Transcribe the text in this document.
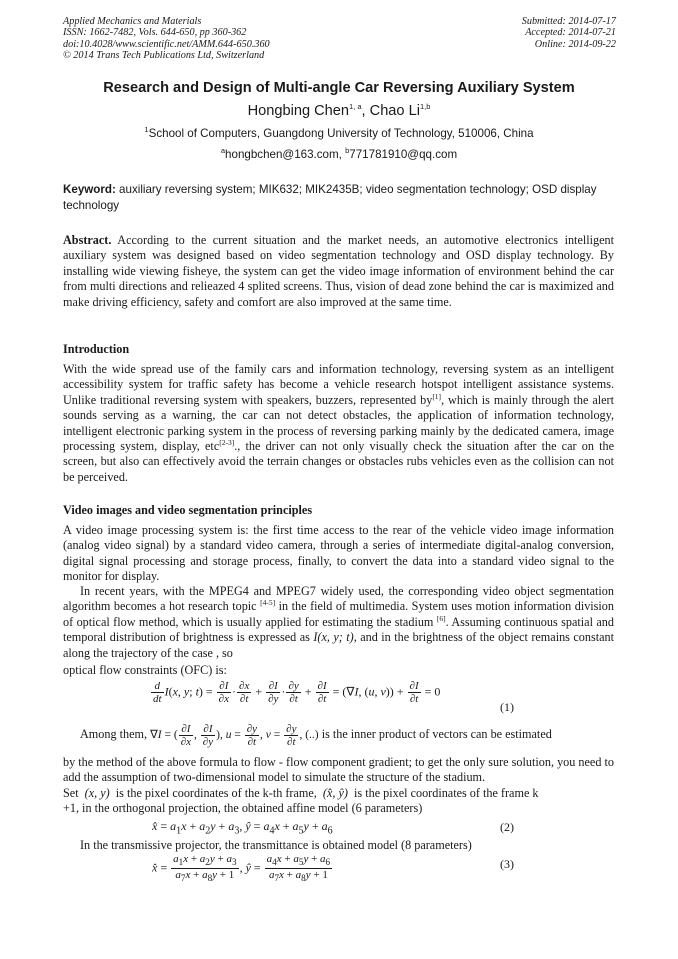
Applied Mechanics and Materials
ISSN: 1662-7482, Vols. 644-650, pp 360-362
doi:10.4028/www.scientific.net/AMM.644-650.360
© 2014 Trans Tech Publications Ltd, Switzerland
Submitted: 2014-07-17
Accepted: 2014-07-21
Online: 2014-09-22
Research and Design of Multi-angle Car Reversing Auxiliary System
Hongbing Chen$^{1, a}$, Chao Li$^{1,b}$
$^1$School of Computers, Guangdong University of Technology, 510006, China
$^a$hongbchen@163.com, $^b$771781910@qq.com
Keyword: auxiliary reversing system; MIK632; MIK2435B; video segmentation technology; OSD display technology
Abstract. According to the current situation and the market needs, an automotive electronics intelligent auxiliary system was designed based on video segmentation technology and OSD display technology. By installing wide viewing fisheye, the system can get the video image information of environment behind the car from multi directions and relieazed 4 splited screens. Thus, vision of dead zone behind the car is maximized and make driving efficiency, safety and comfort are also improved at the same time.
Introduction
With the wide spread use of the family cars and information technology, reversing system as an intelligent accessibility system for traffic safety has become a vehicle research hotspot intelligent assistance systems. Unlike traditional reversing system with speakers, buzzers, represented by[1], which is mainly through the alert sounds serving as a warning, the car can not detect obstacles, the application of information technology, intelligent electronic parking system in the process of reversing parking mainly by the dedicated camera, image processing system, display, etc[2-3]., the driver can not only visually check the situation after the car on the screen, but also can effectively avoid the terrain changes or obstacles rubs vehicles even as the collision can not be perceived.
Video images and video segmentation principles
A video image processing system is: the first time access to the rear of the vehicle video image information (analog video signal) by a standard video camera, through a series of intermediate digital-analog conversion, digital signal processing and storage process, finally, to convert the data into a standard video signal to the monitor for display.
In recent years, with the MPEG4 and MPEG7 widely used, the corresponding video object segmentation algorithm becomes a hot research topic [4-5] in the field of multimedia. System uses motion information division of optical flow method, which is usually applied for estimating the stadium [6]. Assuming continuous spatial and temporal distribution of brightness is expressed as I(x, y; t), and in the brightness of the object remains constant along the trajectory of the case , so
optical flow constraints (OFC) is:
$\frac{d}{dt} I(x$, y; $t) = \frac{\partial I}{\partial x} \cdot \frac{\partial x}{\partial t} + \frac{\partial I}{\partial y} \cdot \frac{\partial y}{\partial t} + \frac{\partial I}{\partial t} = (\nabla I$, (u, $v)) + \frac{\partial I}{\partial t} = 0$
(1)
Among them, ∇I = ( $\frac{\partial I}{\partial x}$ , $\frac{\partial I}{\partial y}$ ), $u = \frac{\partial y}{\partial t}$ , $v = \frac{\partial y}{\partial t}$ , (..) is the inner product of vectors can be estimated
by the method of the above formula to flow - flow component gradient; to get the only sure solution, you need to add the assumption of two-dimensional model to simulate the structure of the stadium.
Set (x, y) is the pixel coordinates of the k-th frame, (x̂, ŷ) is the pixel coordinates of the frame k
+1, in the orthogonal projection, the obtained affine model (6 parameters)
x̂ = $a_1x + a_2y + a_3$, ŷ = $a_4x + a_5y + a_6$	(2)
In the transmissive projector, the transmittance is obtained model (8 parameters)
x̂ = $\frac{a_1x + a_2y + a_3}{a_7x + a_8y + 1}$ , ŷ = $\frac{a_4x + a_5y + a_6}{a_7x + a_8y + 1}$	(3)
